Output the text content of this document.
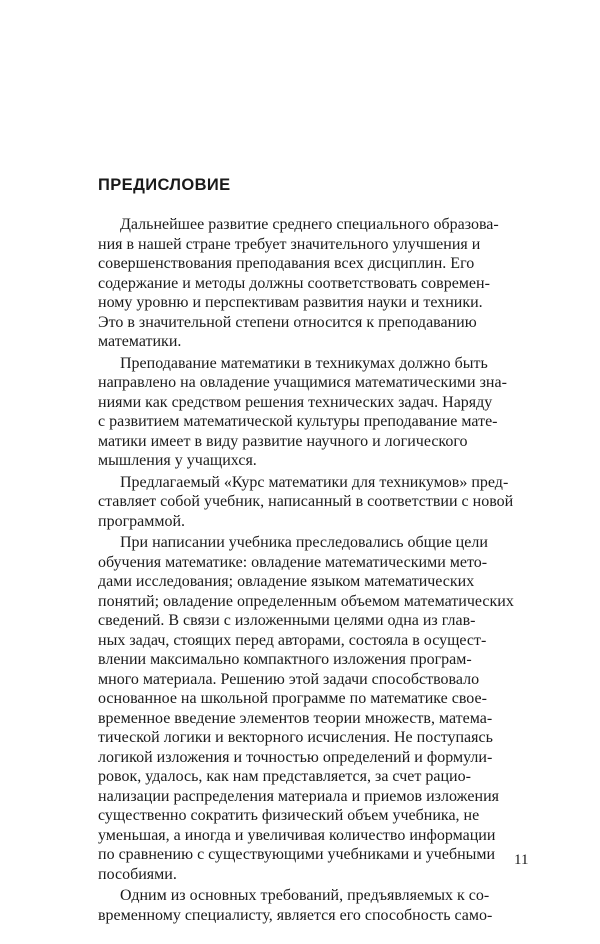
ПРЕДИСЛОВИЕ

Дальнейшее развитие среднего специального образова-
ния в нашей стране требует значительного улучшения и
совершенствования преподавания всех дисциплин. Его
содержание и методы должны соответствовать современ-
ному уровню и перспективам развития науки и техники.
Это в значительной степени относится к преподаванию
математики.

Преподавание математики в техникумах должно быть
направлено на овладение учащимися математическими зна-
ниями как средством решения технических задач. Наряду
с развитием математической культуры преподавание мате-
матики имеет в виду развитие научного и логического
мышления у учащихся.

Предлагаемый «Курс математики для техникумов» пред-
ставляет собой учебник, написанный в соответствии с новой
программой.

При написании учебника преследовались общие цели
обучения математике: овладение математическими мето-
дами исследования; овладение языком математических
понятий; овладение определенным объемом математических
сведений. В связи с изложенными целями одна из глав-
ных задач, стоящих перед авторами, состояла в осущест-
влении максимально компактного изложения програм-
много материала. Решению этой задачи способствовало
основанное на школьной программе по математике свое-
временное введение элементов теории множеств, матема-
тической логики и векторного исчисления. Не поступаясь
логикой изложения и точностью определений и формули-
ровок, удалось, как нам представляется, за счет рацио-
нализации распределения материала и приемов изложения
существенно сократить физический объем учебника, не
уменьшая, а иногда и увеличивая количество информации
по сравнению с существующими учебниками и учебными
пособиями.

Одним из основных требований, предъявляемых к со-
временному специалисту, является его способность само-

11
